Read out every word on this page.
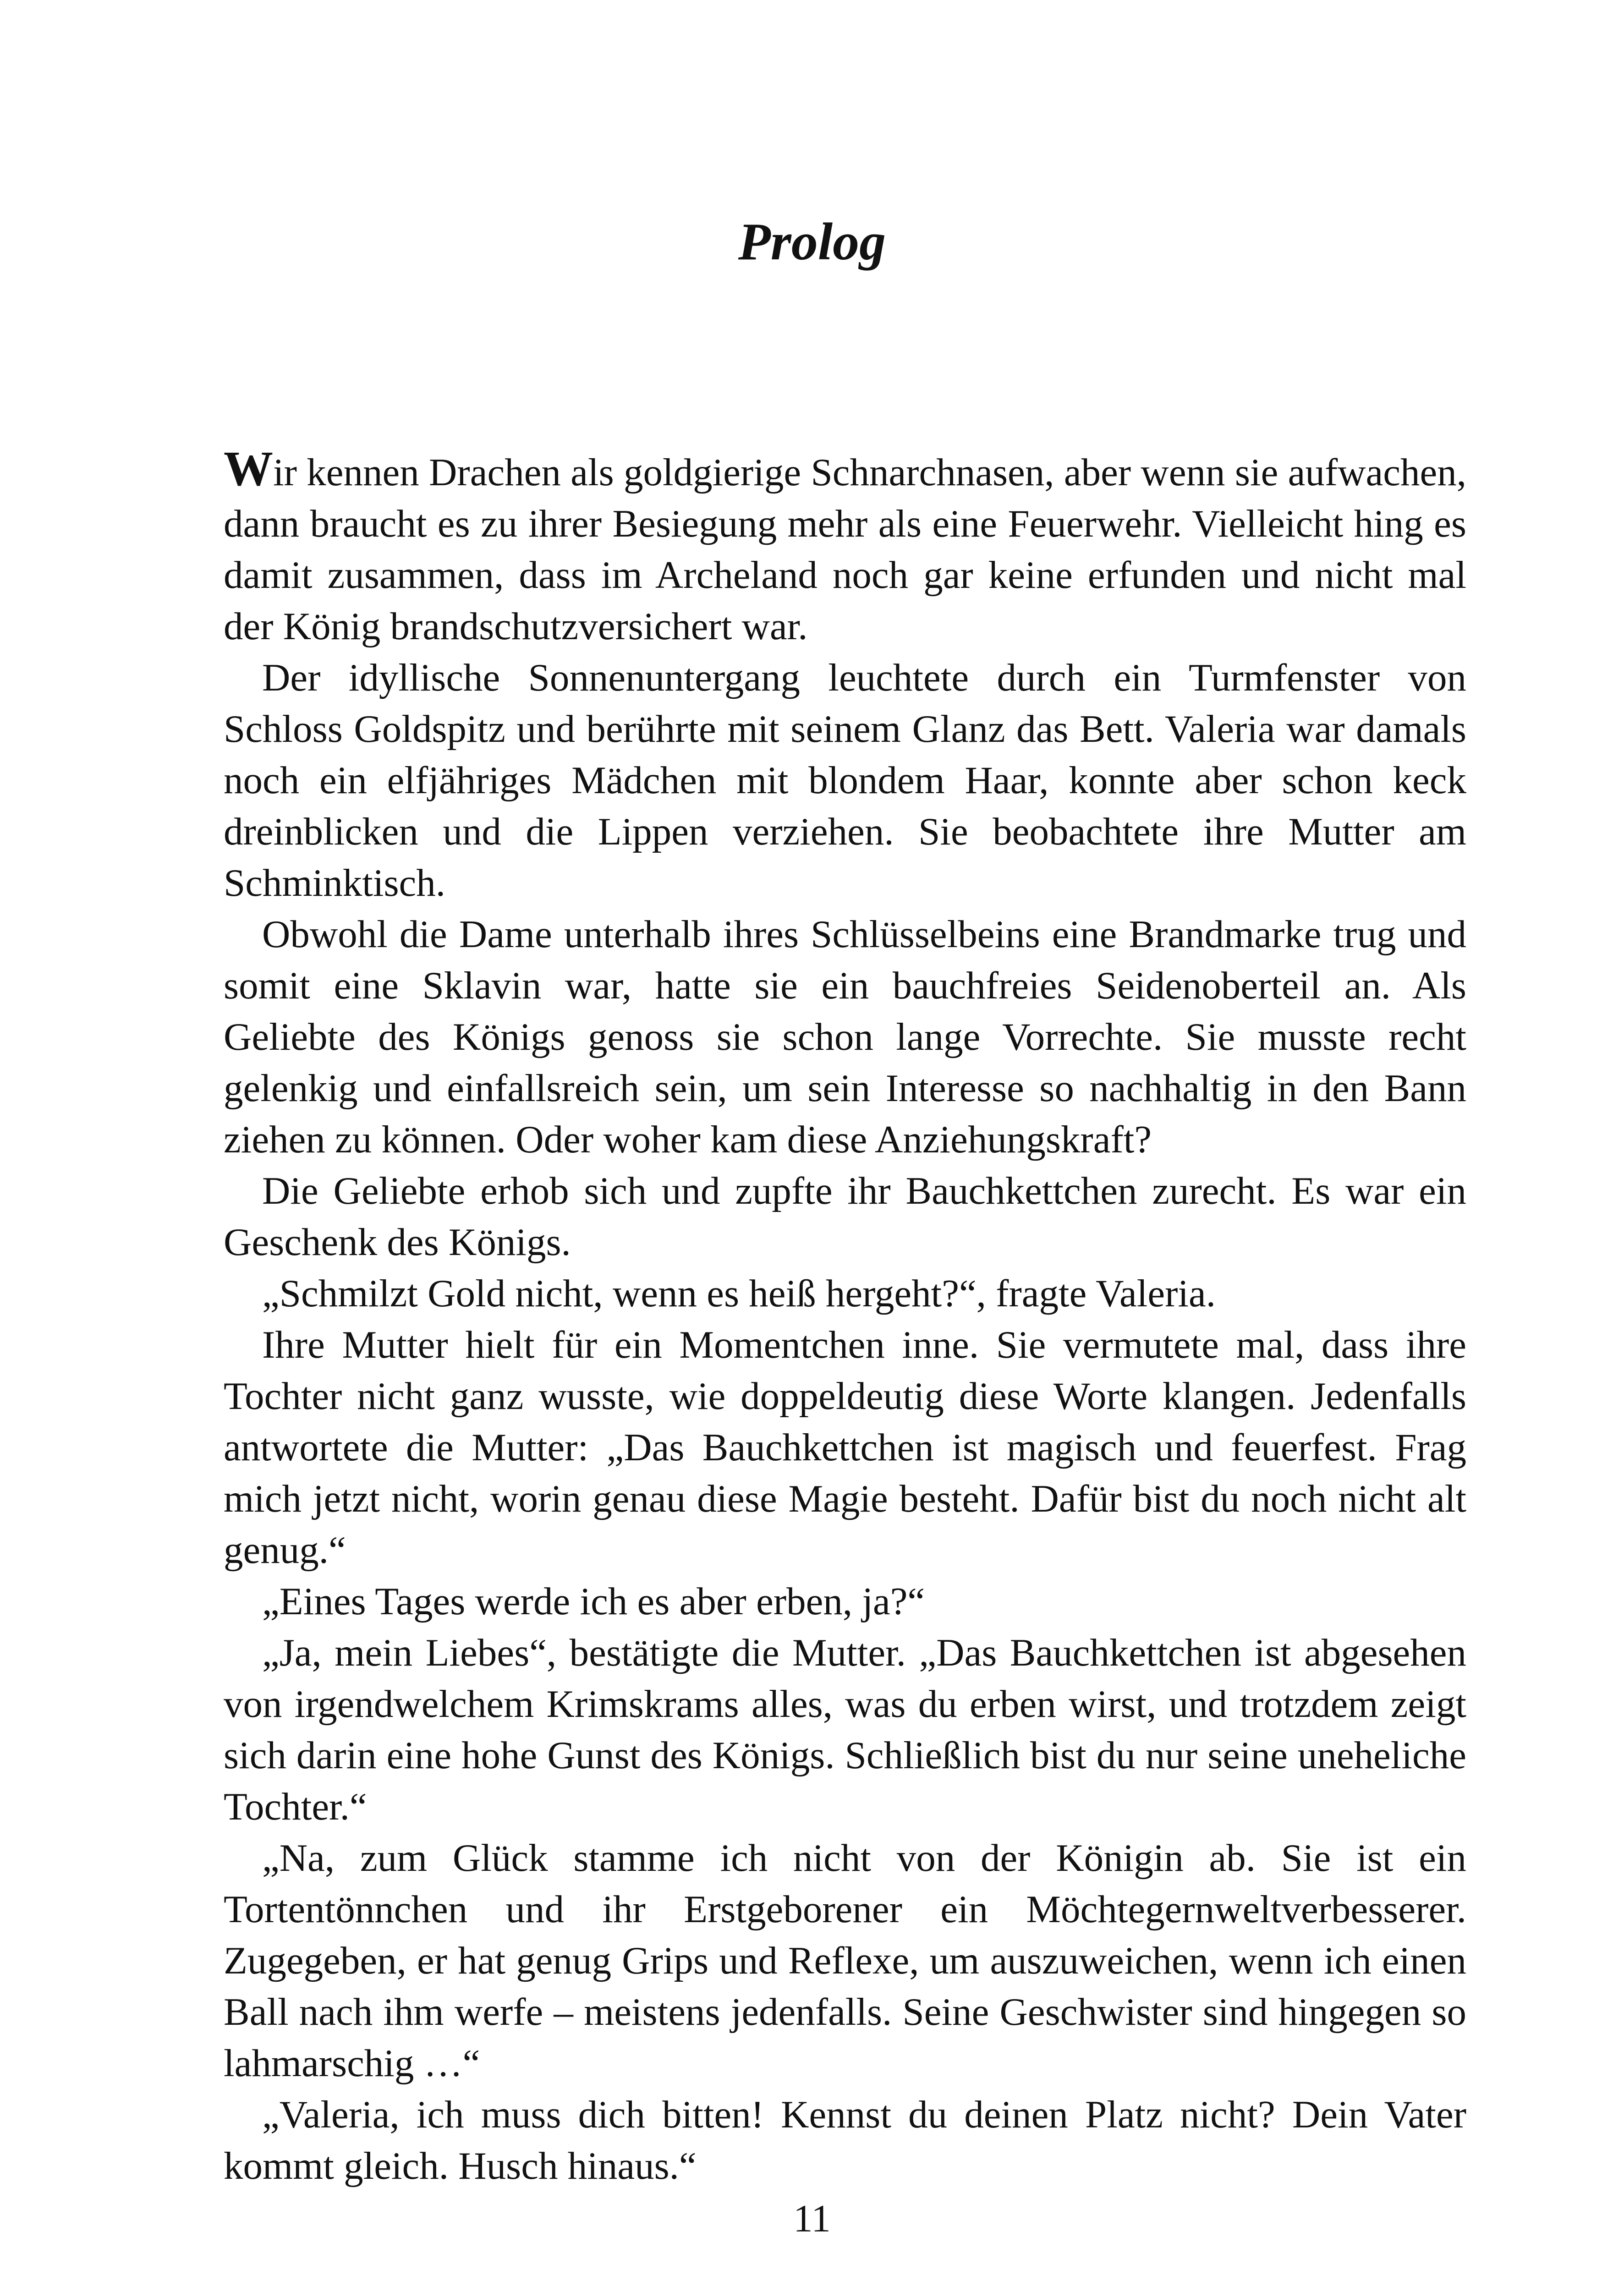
Prolog

Wir kennen Drachen als goldgierige Schnarchnasen, aber wenn sie aufwachen, dann braucht es zu ihrer Besiegung mehr als eine Feuerwehr. Vielleicht hing es damit zusammen, dass im Archeland noch gar keine erfunden und nicht mal der König brandschutzversichert war.

Der idyllische Sonnenuntergang leuchtete durch ein Turmfenster von Schloss Goldspitz und berührte mit seinem Glanz das Bett. Valeria war damals noch ein elfjähriges Mädchen mit blondem Haar, konnte aber schon keck dreinblicken und die Lippen verziehen. Sie beobachtete ihre Mutter am Schminktisch.

Obwohl die Dame unterhalb ihres Schlüsselbeins eine Brandmarke trug und somit eine Sklavin war, hatte sie ein bauchfreies Seidenoberteil an. Als Geliebte des Königs genoss sie schon lange Vorrechte. Sie musste recht gelenkig und einfallsreich sein, um sein Interesse so nachhaltig in den Bann ziehen zu können. Oder woher kam diese Anziehungskraft?

Die Geliebte erhob sich und zupfte ihr Bauchkettchen zurecht. Es war ein Geschenk des Königs.

„Schmilzt Gold nicht, wenn es heiß hergeht?“, fragte Valeria.

Ihre Mutter hielt für ein Momentchen inne. Sie vermutete mal, dass ihre Tochter nicht ganz wusste, wie doppeldeutig diese Worte klangen. Jedenfalls antwortete die Mutter: „Das Bauchkettchen ist magisch und feuerfest. Frag mich jetzt nicht, worin genau diese Magie besteht. Dafür bist du noch nicht alt genug.“

„Eines Tages werde ich es aber erben, ja?“

„Ja, mein Liebes“, bestätigte die Mutter. „Das Bauchkettchen ist abgesehen von irgendwelchem Krimskrams alles, was du erben wirst, und trotzdem zeigt sich darin eine hohe Gunst des Königs. Schließlich bist du nur seine uneheliche Tochter.“

„Na, zum Glück stamme ich nicht von der Königin ab. Sie ist ein Tortentönnchen und ihr Erstgeborener ein Möchtegernweltverbesserer. Zugegeben, er hat genug Grips und Reflexe, um auszuweichen, wenn ich einen Ball nach ihm werfe – meistens jedenfalls. Seine Geschwister sind hingegen so lahmarschig …“

„Valeria, ich muss dich bitten! Kennst du deinen Platz nicht? Dein Vater kommt gleich. Husch hinaus.“

11
